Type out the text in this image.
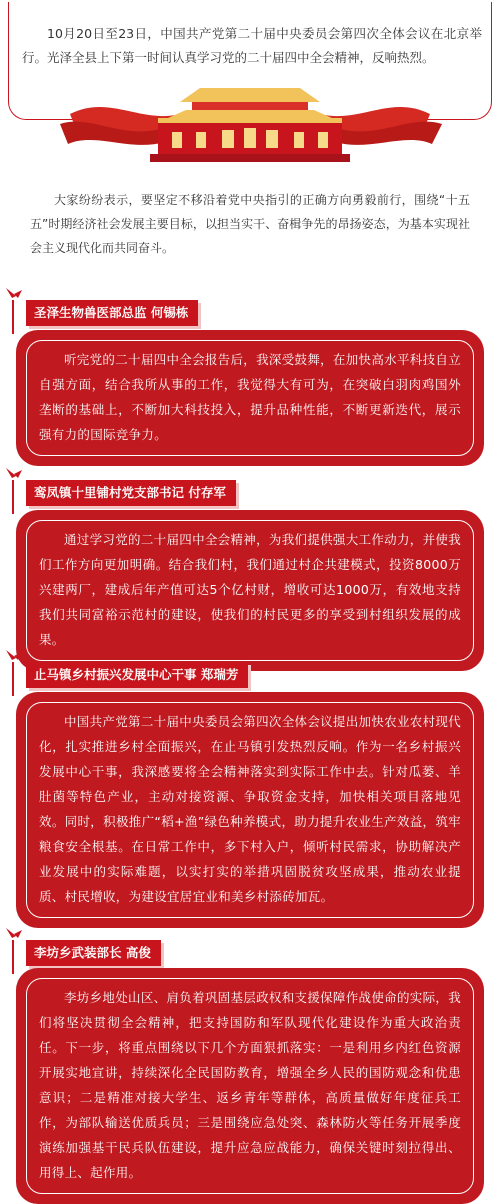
10月20日至23日，中国共产党第二十届中央委员会第四次全体会议在北京举行。光泽全县上下第一时间认真学习党的二十届四中全会精神，反响热烈。

大家纷纷表示，要坚定不移沿着党中央指引的正确方向勇毅前行，围绕“十五五”时期经济社会发展主要目标，以担当实干、奋楫争先的昂扬姿态，为基本实现社会主义现代化而共同奋斗。

圣泽生物兽医部总监 何锡栋
听完党的二十届四中全会报告后，我深受鼓舞，在加快高水平科技自立自强方面，结合我所从事的工作，我觉得大有可为，在突破白羽肉鸡国外垄断的基础上，不断加大科技投入，提升品种性能，不断更新迭代，展示强有力的国际竞争力。
鸾凤镇十里铺村党支部书记 付存军
通过学习党的二十届四中全会精神，为我们提供强大工作动力，并使我们工作方向更加明确。结合我们村，我们通过村企共建模式，投资8000万兴建两厂，建成后年产值可达5个亿村财，增收可达1000万，有效地支持我们共同富裕示范村的建设，使我们的村民更多的享受到村组织发展的成果。
止马镇乡村振兴发展中心干事 郑瑞芳
中国共产党第二十届中央委员会第四次全体会议提出加快农业农村现代化，扎实推进乡村全面振兴，在止马镇引发热烈反响。作为一名乡村振兴发展中心干事，我深感要将全会精神落实到实际工作中去。针对瓜蒌、羊肚菌等特色产业，主动对接资源、争取资金支持，加快相关项目落地见效。同时，积极推广“稻+渔”绿色种养模式，助力提升农业生产效益，筑牢粮食安全根基。在日常工作中，多下村入户，倾听村民需求，协助解决产业发展中的实际难题，以实打实的举措巩固脱贫攻坚成果，推动农业提质、村民增收，为建设宜居宜业和美乡村添砖加瓦。
李坊乡武装部长 高俊
李坊乡地处山区、肩负着巩固基层政权和支援保障作战使命的实际，我们将坚决贯彻全会精神，把支持国防和军队现代化建设作为重大政治责任。下一步，将重点围绕以下几个方面狠抓落实：一是利用乡内红色资源开展实地宣讲，持续深化全民国防教育，增强全乡人民的国防观念和优患意识；二是精准对接大学生、返乡青年等群体，高质量做好年度征兵工作，为部队输送优质兵员；三是围绕应急处突、森林防火等任务开展季度演练加强基干民兵队伍建设，提升应急应战能力，确保关键时刻拉得出、用得上、起作用。
